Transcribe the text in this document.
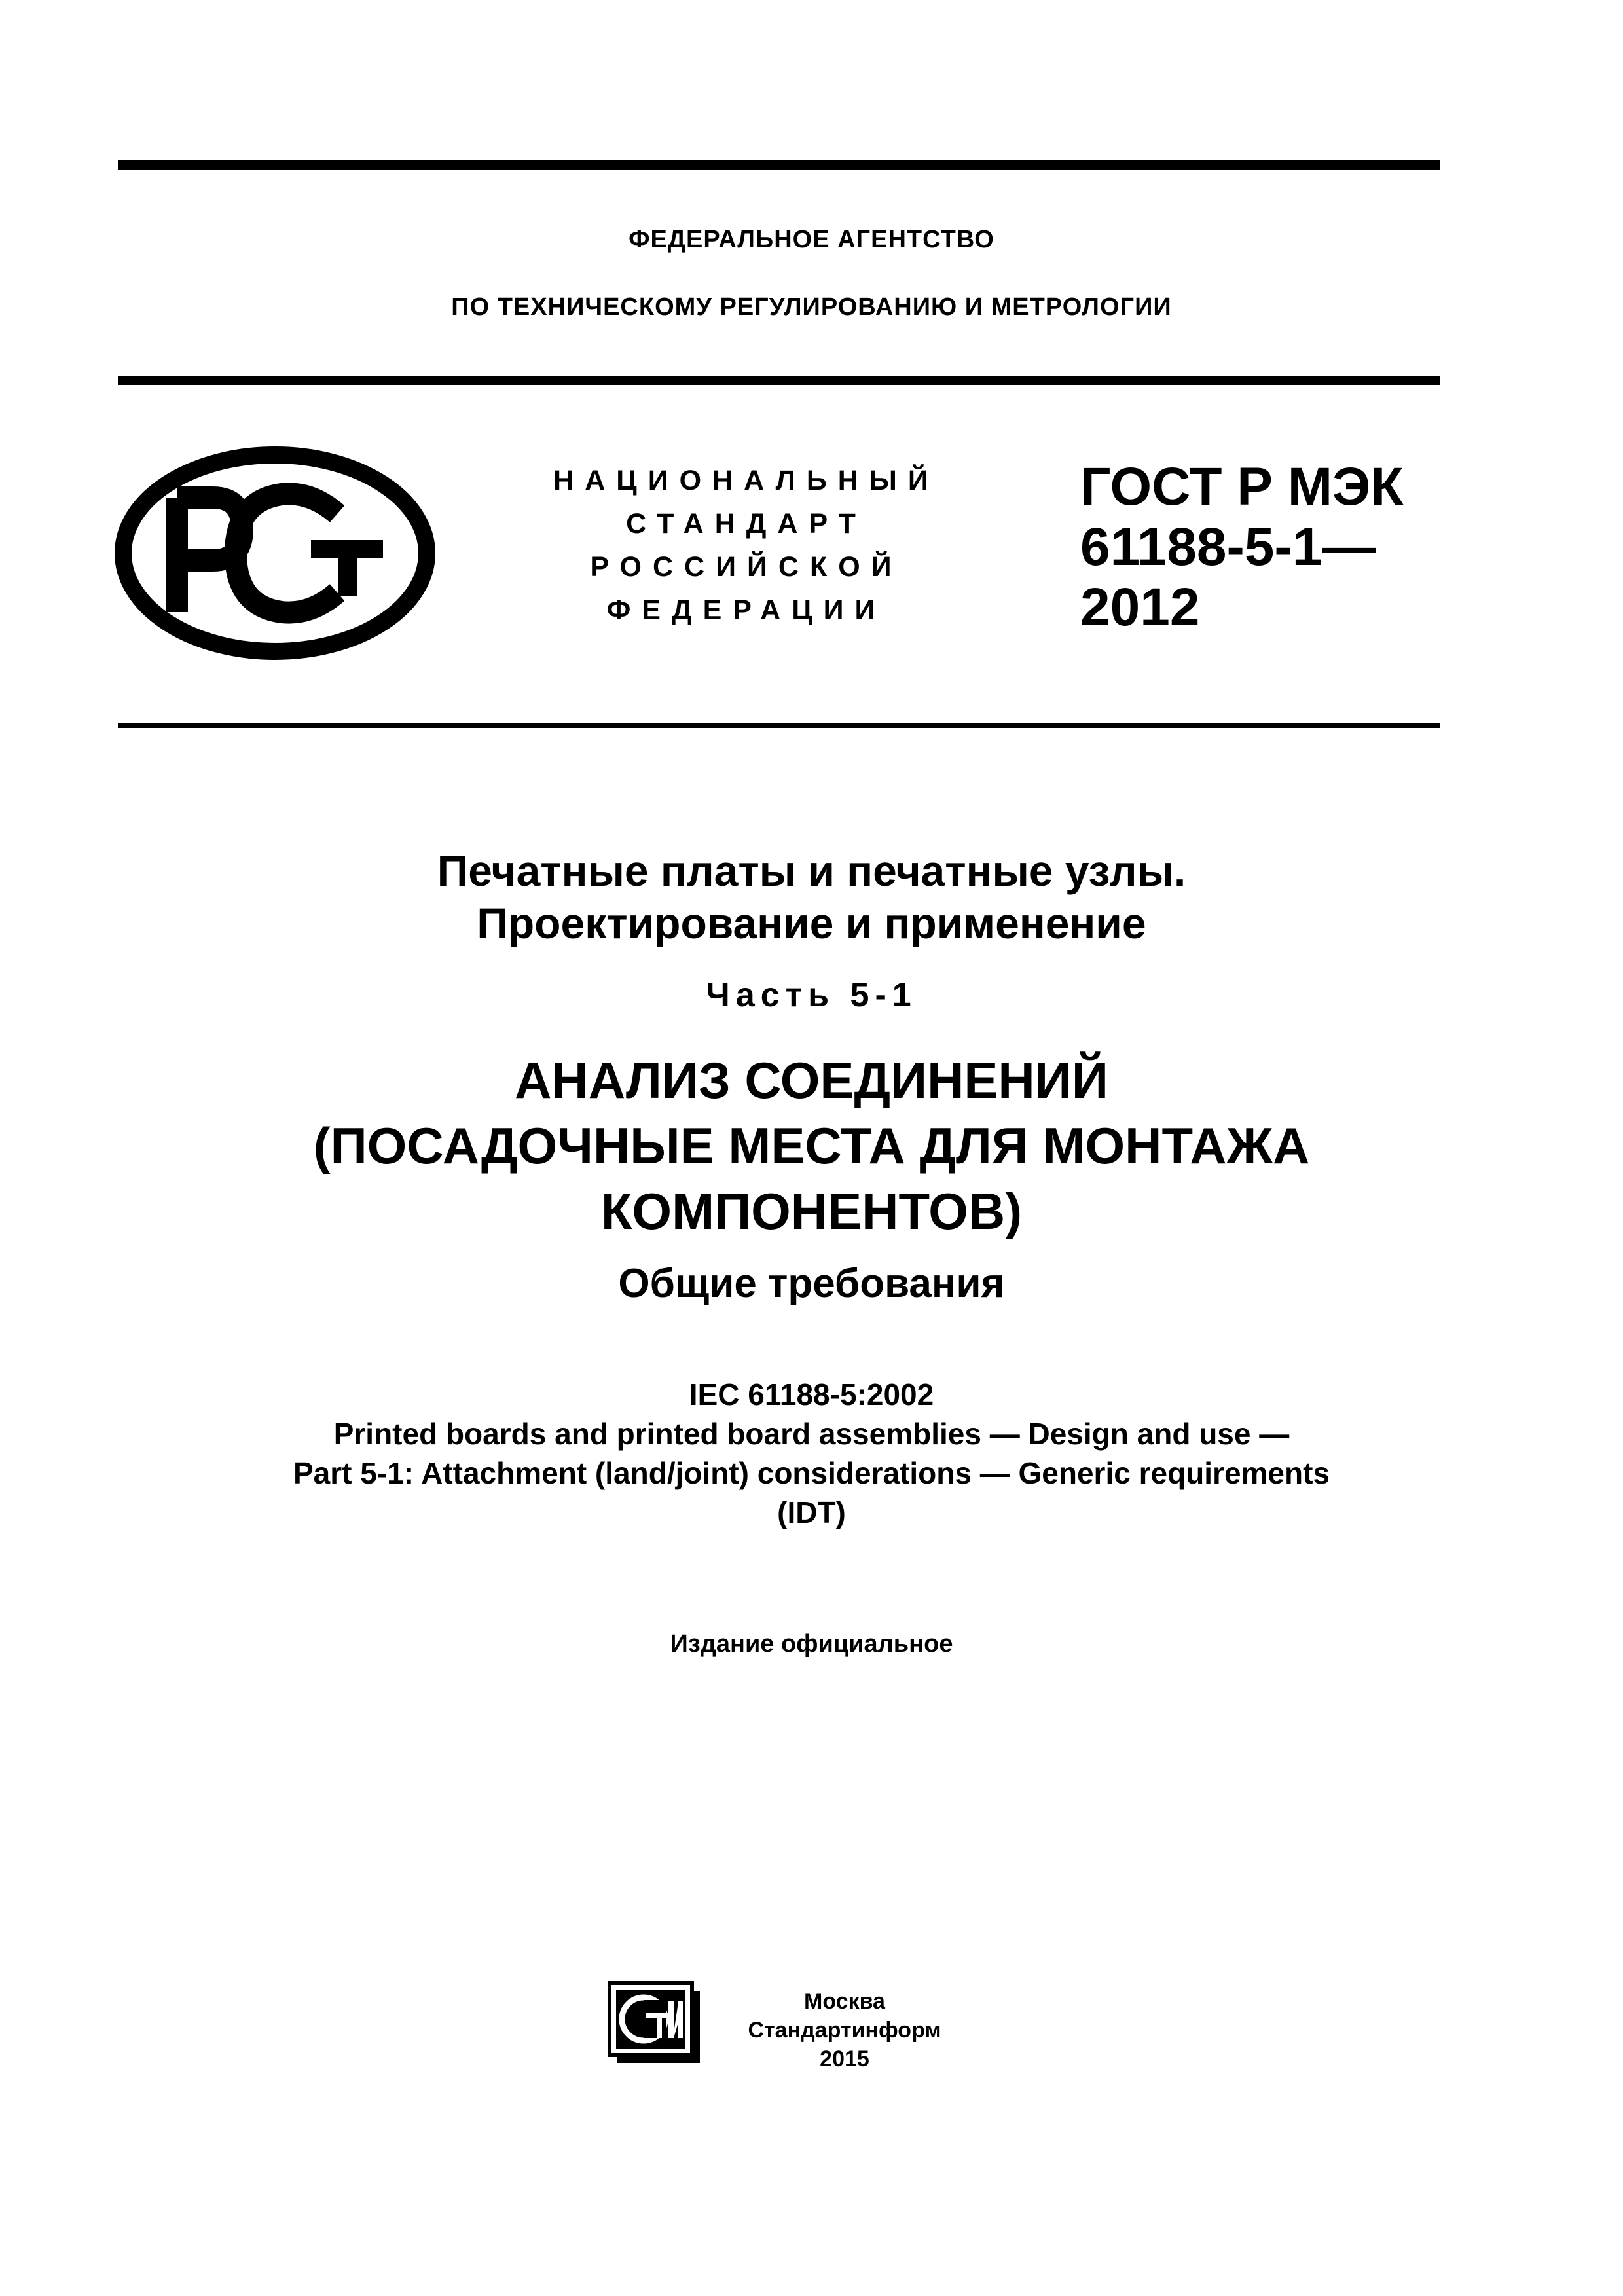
ФЕДЕРАЛЬНОЕ АГЕНТСТВО
ПО ТЕХНИЧЕСКОМУ РЕГУЛИРОВАНИЮ И МЕТРОЛОГИИ
НАЦИОНАЛЬНЫЙ
СТАНДАРТ
РОССИЙСКОЙ
ФЕДЕРАЦИИ
ГОСТ Р МЭК
61188-5-1—
2012
Печатные платы и печатные узлы.
Проектирование и применение
Часть 5-1
АНАЛИЗ СОЕДИНЕНИЙ
(ПОСАДОЧНЫЕ МЕСТА ДЛЯ МОНТАЖА
КОМПОНЕНТОВ)
Общие требования
IEC 61188-5:2002
Printed boards and printed board assemblies — Design and use —
Part 5-1: Attachment (land/joint) considerations — Generic requirements
(IDT)
Издание официальное
Москва
Стандартинформ
2015
